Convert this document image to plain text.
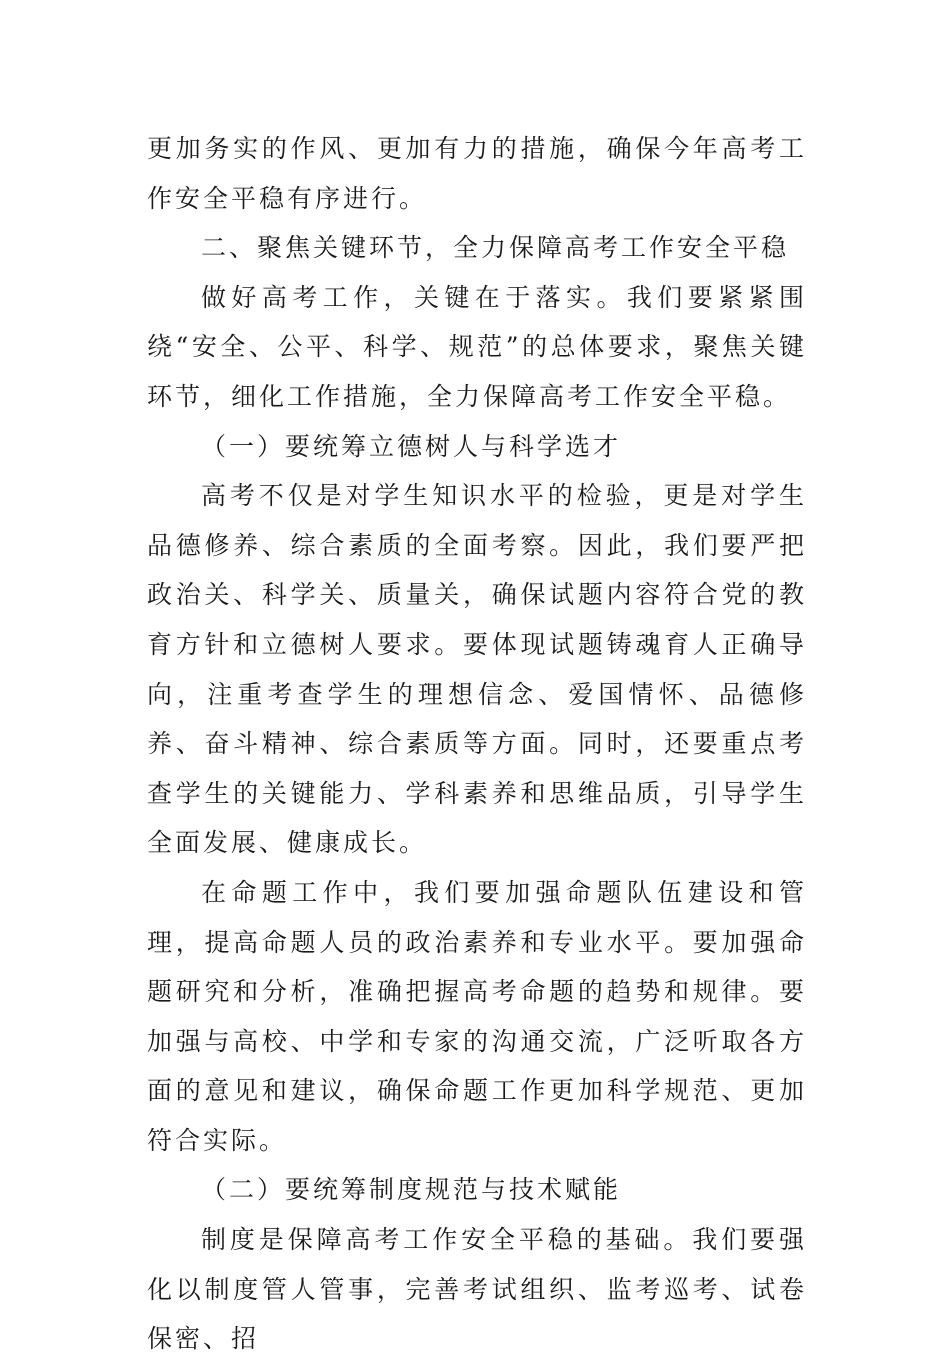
更加务实的作风、更加有力的措施，确保今年高考工作安全平稳有序进行。

二、聚焦关键环节，全力保障高考工作安全平稳

做好高考工作，关键在于落实。我们要紧紧围绕“安全、公平、科学、规范”的总体要求，聚焦关键环节，细化工作措施，全力保障高考工作安全平稳。

（一）要统筹立德树人与科学选才

高考不仅是对学生知识水平的检验，更是对学生品德修养、综合素质的全面考察。因此，我们要严把政治关、科学关、质量关，确保试题内容符合党的教育方针和立德树人要求。要体现试题铸魂育人正确导向，注重考查学生的理想信念、爱国情怀、品德修养、奋斗精神、综合素质等方面。同时，还要重点考查学生的关键能力、学科素养和思维品质，引导学生全面发展、健康成长。

在命题工作中，我们要加强命题队伍建设和管理，提高命题人员的政治素养和专业水平。要加强命题研究和分析，准确把握高考命题的趋势和规律。要加强与高校、中学和专家的沟通交流，广泛听取各方面的意见和建议，确保命题工作更加科学规范、更加符合实际。

（二）要统筹制度规范与技术赋能

制度是保障高考工作安全平稳的基础。我们要强化以制度管人管事，完善考试组织、监考巡考、试卷保密、招
